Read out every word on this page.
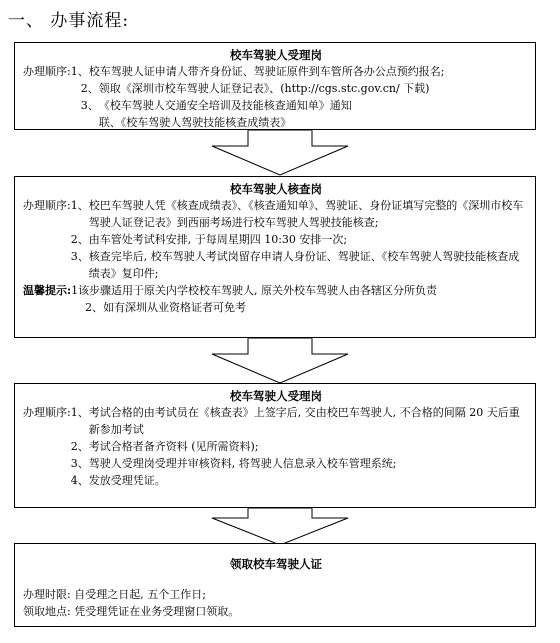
一、 办事流程:
校车驾驶人受理岗
办理顺序: 1、 校车驾驶人证申请人带齐身份证、驾驶证原件到车管所各办公点预约报名;
2、 领取《深圳市校车驾驶人证登记表》、(http://cgs.stc.gov.cn/ 下载)
3、 《校车驾驶人交通安全培训及技能核查通知单》通知联、《校车驾驶人驾驶技能核查成绩表》
校车驾驶人核查岗
办理顺序: 1、 校巴车驾驶人凭《核查成绩表》、《核查通知单》、驾驶证、身份证填写完整的《深圳市校车驾驶人证登记表》到西丽考场进行校车驾驶人驾驶技能核查;
2、 由车管处考试科安排, 于每周星期四 10:30 安排一次;
3、 核查完毕后, 校车驾驶人考试岗留存申请人身份证、驾驶证、《校车驾驶人驾驶技能核查成绩表》复印件;
温馨提示: 1 该步骤适用于原关内学校校车驾驶人, 原关外校车驾驶人由各辖区分所负责
2、 如有深圳从业资格证者可免考
校车驾驶人受理岗
办理顺序: 1、 考试合格的由考试员在《核查表》上签字后, 交由校巴车驾驶人, 不合格的间隔 20 天后重新参加考试
2、 考试合格者备齐资料 (见所需资料);
3、 驾驶人受理岗受理并审核资料, 将驾驶人信息录入校车管理系统;
4、 发放受理凭证。
领取校车驾驶人证
办理时限: 自受理之日起, 五个工作日;
领取地点: 凭受理凭证在业务受理窗口领取。
